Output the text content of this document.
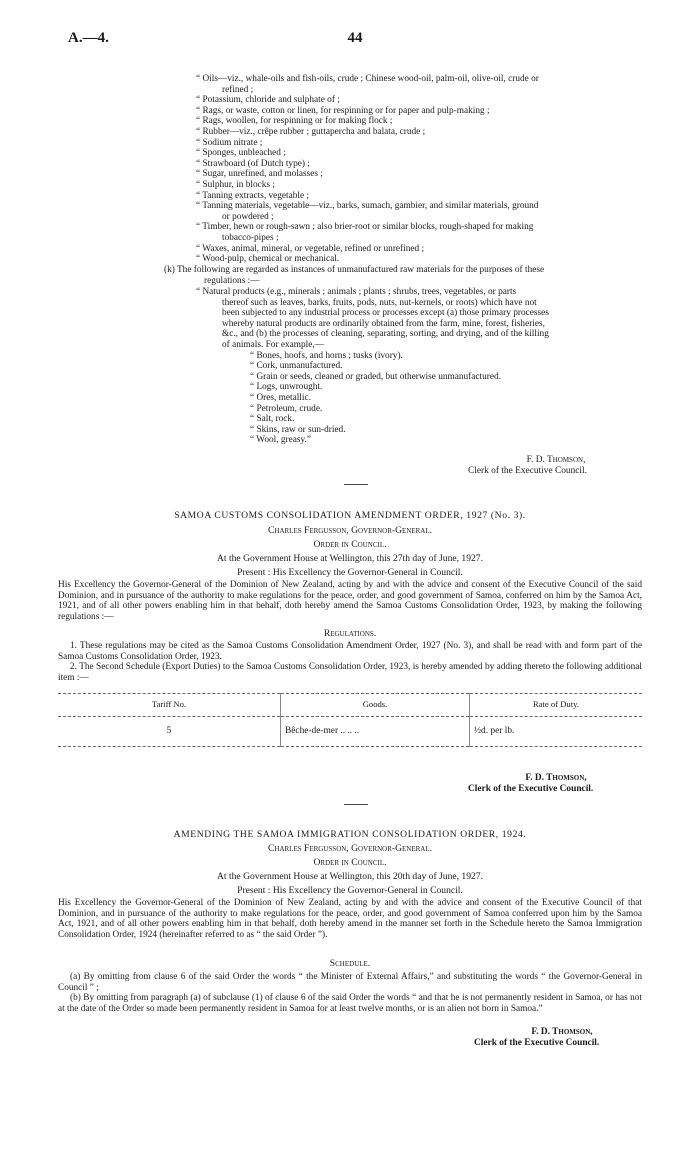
A.—4.	44
“ Oils—viz., whale-oils and fish-oils, crude ; Chinese wood-oil, palm-oil, olive-oil, crude or
refined ;
“ Potassium, chloride and sulphate of ;
“ Rags, or waste, cotton or linen, for respinning or for paper and pulp-making ;
“ Rags, woollen, for respinning or for making flock ;
“ Rubber—viz., crêpe rubber ; guttapercha and balata, crude ;
“ Sodium nitrate ;
“ Sponges, unbleached ;
“ Strawboard (of Dutch type) ;
“ Sugar, unrefined, and molasses ;
“ Sulphur, in blocks ;
“ Tanning extracts, vegetable ;
“ Tanning materials, vegetable—viz., barks, sumach, gambier, and similar materials, ground
or powdered ;
“ Timber, hewn or rough-sawn ; also brier-root or similar blocks, rough-shaped for making
tobacco-pipes ;
“ Waxes, animal, mineral, or vegetable, refined or unrefined ;
“ Wood-pulp, chemical or mechanical.
(k) The following are regarded as instances of unmanufactured raw materials for the purposes of these
regulations :—
“ Natural products (e.g., minerals ; animals ; plants ; shrubs, trees, vegetables, or parts
thereof such as leaves, barks, fruits, pods, nuts, nut-kernels, or roots) which have not
been subjected to any industrial process or processes except (a) those primary processes
whereby natural products are ordinarily obtained from the farm, mine, forest, fisheries,
&c., and (b) the processes of cleaning, separating, sorting, and drying, and of the killing
of animals. For example,—
“ Bones, hoofs, and horns ; tusks (ivory).
“ Cork, unmanufactured.
“ Grain or seeds, cleaned or graded, but otherwise unmanufactured.
“ Logs, unwrought.
“ Ores, metallic.
“ Petroleum, crude.
“ Salt, rock.
“ Skins, raw or sun-dried.
“ Wool, greasy.”
F. D. Thomson,
Clerk of the Executive Council.
SAMOA CUSTOMS CONSOLIDATION AMENDMENT ORDER, 1927 (No. 3).
Charles Fergusson, Governor-General.
Order in Council.
At the Government House at Wellington, this 27th day of June, 1927.
Present : His Excellency the Governor-General in Council.

His Excellency the Governor-General of the Dominion of New Zealand, acting by and with the advice and consent of the Executive Council of the said Dominion, and in pursuance of the authority to make regulations for the peace, order, and good government of Samoa, conferred on him by the Samoa Act, 1921, and of all other powers enabling him in that behalf, doth hereby amend the Samoa Customs Consolidation Order, 1923, by making the following regulations :—

Regulations.

1. These regulations may be cited as the Samoa Customs Consolidation Amendment Order, 1927 (No. 3), and shall be read with and form part of the Samoa Customs Consolidation Order, 1923.

2. The Second Schedule (Export Duties) to the Samoa Customs Consolidation Order, 1923, is hereby amended by adding thereto the following additional item :—

Tariff No.	Goods.	Rate of Duty.
5	Bêche-de-mer .. .. ..	½d. per lb.
F. D. Thomson,
Clerk of the Executive Council.
AMENDING THE SAMOA IMMIGRATION CONSOLIDATION ORDER, 1924.
Charles Fergusson, Governor-General.
Order in Council.
At the Government House at Wellington, this 20th day of June, 1927.
Present : His Excellency the Governor-General in Council.

His Excellency the Governor-General of the Dominion of New Zealand, acting by and with the advice and consent of the Executive Council of that Dominion, and in pursuance of the authority to make regulations for the peace, order, and good government of Samoa conferred upon him by the Samoa Act, 1921, and of all other powers enabling him in that behalf, doth hereby amend in the manner set forth in the Schedule hereto the Samoa Immigration Consolidation Order, 1924 (hereinafter referred to as “ the said Order ”).

Schedule.

(a) By omitting from clause 6 of the said Order the words “ the Minister of External Affairs,” and substituting the words “ the Governor-General in Council ” ;

(b) By omitting from paragraph (a) of subclause (1) of clause 6 of the said Order the words “ and that he is not permanently resident in Samoa, or has not at the date of the Order so made been permanently resident in Samoa for at least twelve months, or is an alien not born in Samoa.”

F. D. Thomson,
Clerk of the Executive Council.
